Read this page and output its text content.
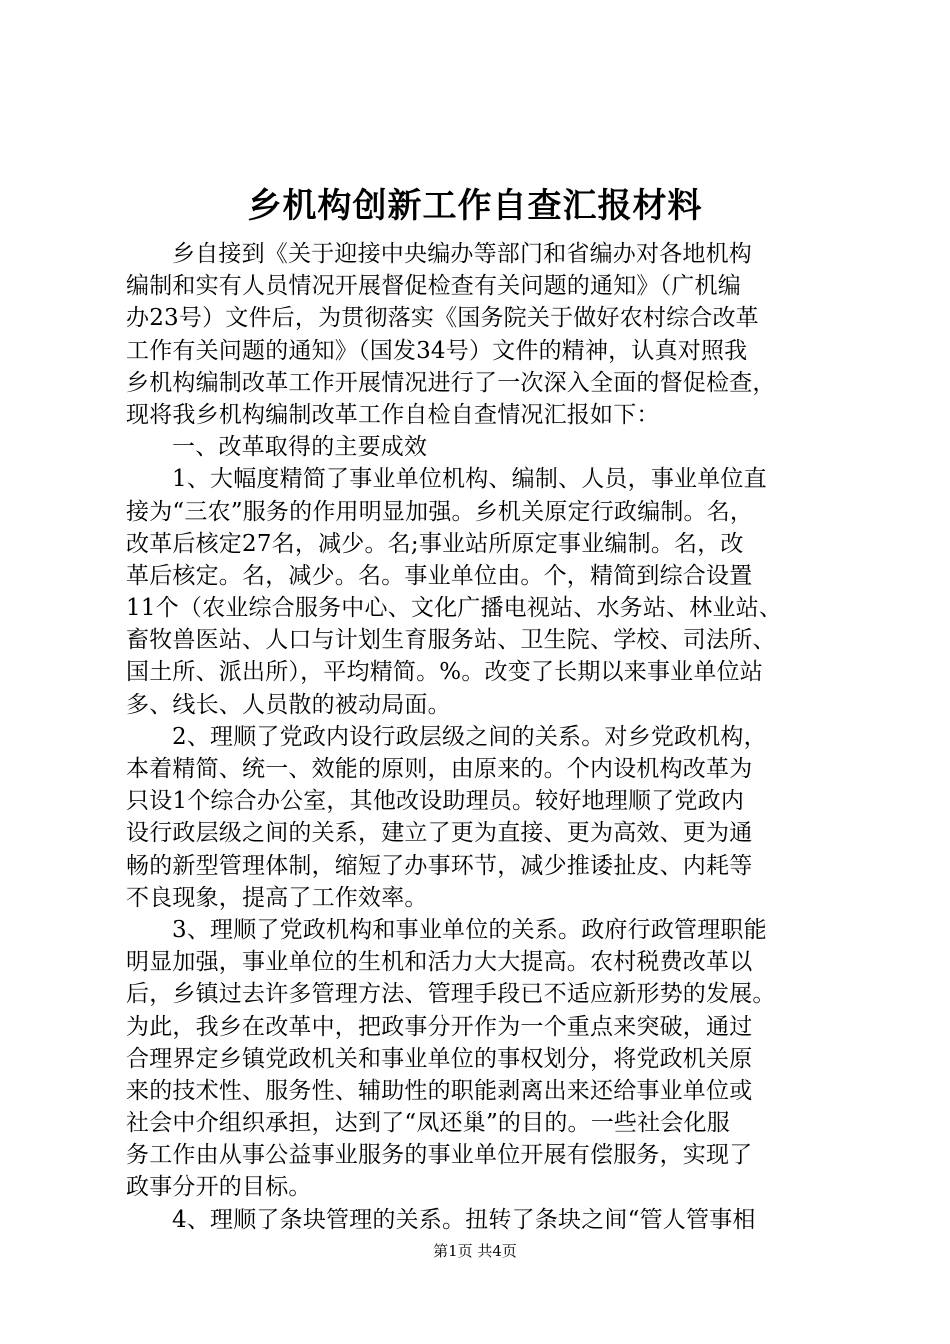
乡机构创新工作自查汇报材料
乡自接到《关于迎接中央编办等部门和省编办对各地机构
编制和实有人员情况开展督促检查有关问题的通知》（广机编
办23号）文件后，为贯彻落实《国务院关于做好农村综合改革
工作有关问题的通知》（国发34号）文件的精神，认真对照我
乡机构编制改革工作开展情况进行了一次深入全面的督促检查，
现将我乡机构编制改革工作自检自查情况汇报如下：
一、改革取得的主要成效
1、大幅度精简了事业单位机构、编制、人员，事业单位直
接为“三农”服务的作用明显加强。乡机关原定行政编制。名，
改革后核定27名，减少。名;事业站所原定事业编制。名，改
革后核定。名，减少。名。事业单位由。个，精简到综合设置
11个（农业综合服务中心、文化广播电视站、水务站、林业站、
畜牧兽医站、人口与计划生育服务站、卫生院、学校、司法所、
国土所、派出所），平均精简。%。改变了长期以来事业单位站
多、线长、人员散的被动局面。
2、理顺了党政内设行政层级之间的关系。对乡党政机构，
本着精简、统一、效能的原则，由原来的。个内设机构改革为
只设1个综合办公室，其他改设助理员。较好地理顺了党政内
设行政层级之间的关系，建立了更为直接、更为高效、更为通
畅的新型管理体制，缩短了办事环节，减少推诿扯皮、内耗等
不良现象，提高了工作效率。
3、理顺了党政机构和事业单位的关系。政府行政管理职能
明显加强，事业单位的生机和活力大大提高。农村税费改革以
后，乡镇过去许多管理方法、管理手段已不适应新形势的发展。
为此，我乡在改革中，把政事分开作为一个重点来突破，通过
合理界定乡镇党政机关和事业单位的事权划分，将党政机关原
来的技术性、服务性、辅助性的职能剥离出来还给事业单位或
社会中介组织承担，达到了“凤还巢”的目的。一些社会化服
务工作由从事公益事业服务的事业单位开展有偿服务，实现了
政事分开的目标。
4、理顺了条块管理的关系。扭转了条块之间“管人管事相
第1页 共4页
